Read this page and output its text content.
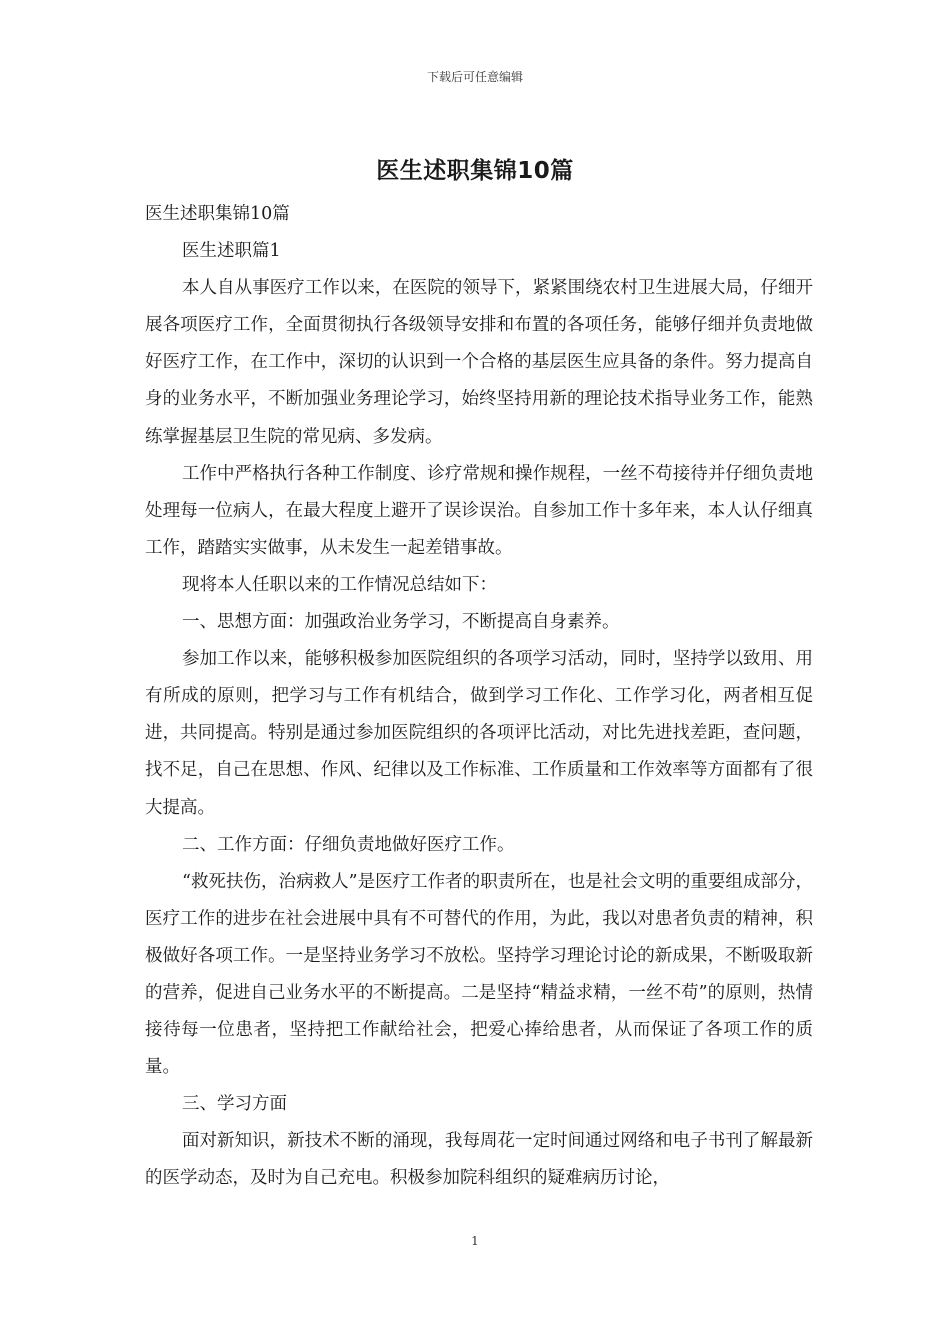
下载后可任意编辑
医生述职集锦10篇

医生述职集锦10篇

医生述职篇1

本人自从事医疗工作以来，在医院的领导下，紧紧围绕农村卫生进展大局，仔细开展各项医疗工作，全面贯彻执行各级领导安排和布置的各项任务，能够仔细并负责地做好医疗工作，在工作中，深切的认识到一个合格的基层医生应具备的条件。努力提高自身的业务水平，不断加强业务理论学习，始终坚持用新的理论技术指导业务工作，能熟练掌握基层卫生院的常见病、多发病。

工作中严格执行各种工作制度、诊疗常规和操作规程，一丝不苟接待并仔细负责地处理每一位病人，在最大程度上避开了误诊误治。自参加工作十多年来，本人认仔细真工作，踏踏实实做事，从未发生一起差错事故。

现将本人任职以来的工作情况总结如下：

一、思想方面：加强政治业务学习，不断提高自身素养。

参加工作以来，能够积极参加医院组织的各项学习活动，同时，坚持学以致用、用有所成的原则，把学习与工作有机结合，做到学习工作化、工作学习化，两者相互促进，共同提高。特别是通过参加医院组织的各项评比活动，对比先进找差距，查问题，找不足，自己在思想、作风、纪律以及工作标准、工作质量和工作效率等方面都有了很大提高。

二、工作方面：仔细负责地做好医疗工作。

“救死扶伤，治病救人”是医疗工作者的职责所在，也是社会文明的重要组成部分，医疗工作的进步在社会进展中具有不可替代的作用，为此，我以对患者负责的精神，积极做好各项工作。一是坚持业务学习不放松。坚持学习理论讨论的新成果，不断吸取新的营养，促进自己业务水平的不断提高。二是坚持“精益求精，一丝不苟”的原则，热情接待每一位患者，坚持把工作献给社会，把爱心捧给患者，从而保证了各项工作的质量。

三、学习方面

面对新知识，新技术不断的涌现，我每周花一定时间通过网络和电子书刊了解最新的医学动态，及时为自己充电。积极参加院科组织的疑难病历讨论，

1
